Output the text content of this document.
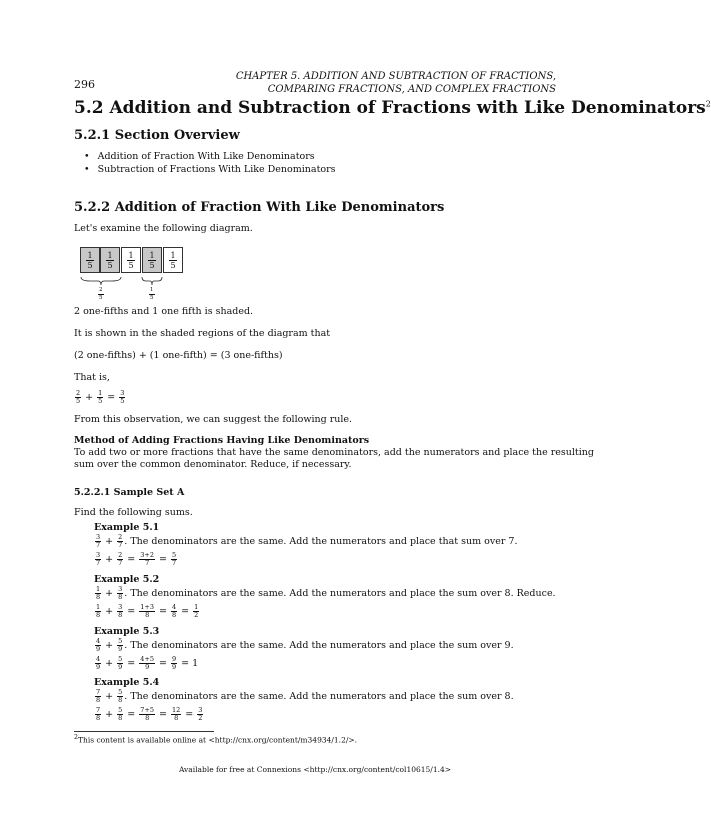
296
CHAPTER 5. ADDITION AND SUBTRACTION OF FRACTIONS,
COMPARING FRACTIONS, AND COMPLEX FRACTIONS
5.2 Addition and Subtraction of Fractions with Like Denominators$^2$
5.2.1 Section Overview
• Addition of Fraction With Like Denominators
• Subtraction of Fractions With Like Denominators
5.2.2 Addition of Fraction With Like Denominators
Let's examine the following diagram.
$\frac{1}{5} \frac{1}{5} \frac{1}{5} \frac{1}{5} \frac{1}{5}$
$\frac{2}{5}$	$\frac{1}{5}$
2 one-fifths and 1 one fifth is shaded.
It is shown in the shaded regions of the diagram that
(2 one-fifths) + (1 one-fifth) = (3 one-fifths)
That is,
$\frac{2}{5} + \frac{1}{5} = \frac{3}{5}$
From this observation, we can suggest the following rule.
Method of Adding Fractions Having Like Denominators
To add two or more fractions that have the same denominators, add the numerators and place the resulting
sum over the common denominator. Reduce, if necessary.
5.2.2.1 Sample Set A
Find the following sums.
Example 5.1
$\frac{3}{7} + \frac{2}{7}$ . The denominators are the same. Add the numerators and place that sum over 7.
$\frac{3}{7} + \frac{2}{7} = \frac{3+2}{7} = \frac{5}{7}$
Example 5.2
$\frac{1}{8} + \frac{3}{8}$ . The denominators are the same. Add the numerators and place the sum over 8. Reduce.
$\frac{1}{8} + \frac{3}{8} = \frac{1+3}{8} = \frac{4}{8} = \frac{1}{2}$
Example 5.3
$\frac{4}{9} + \frac{5}{9}$ . The denominators are the same. Add the numerators and place the sum over 9.
$\frac{4}{9} + \frac{5}{9} = \frac{4+5}{9} = \frac{9}{9} = 1$
Example 5.4
$\frac{7}{8} + \frac{5}{8}$ . The denominators are the same. Add the numerators and place the sum over 8.
$\frac{7}{8} + \frac{5}{8} = \frac{7+5}{8} = \frac{12}{8} = \frac{3}{2}$
$^2$This content is available online at <http://cnx.org/content/m34934/1.2/>.
Available for free at Connexions <http://cnx.org/content/col10615/1.4>
